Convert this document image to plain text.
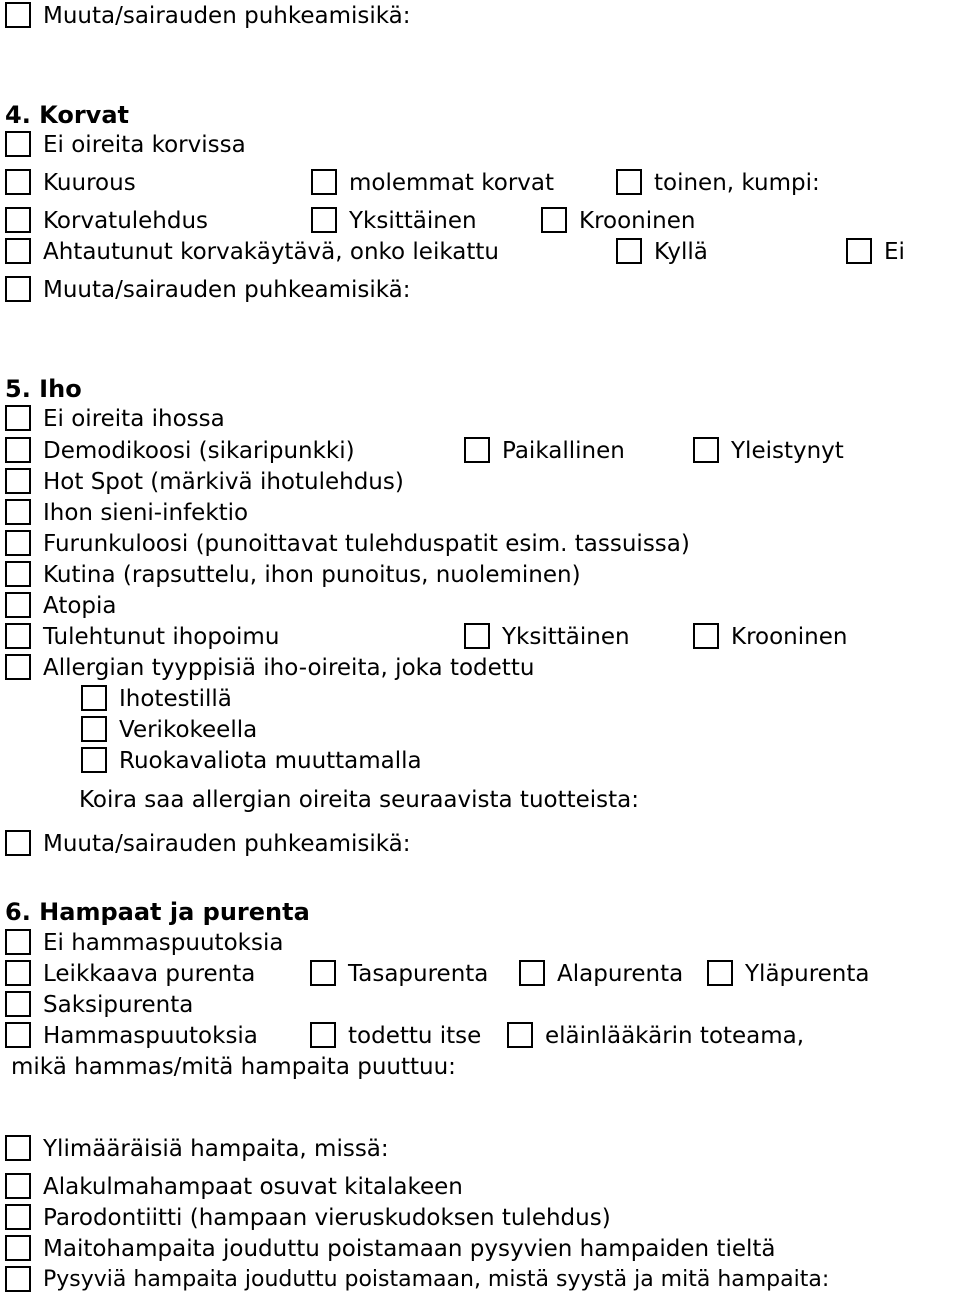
Muuta/sairauden puhkeamisikä:
4. Korvat
Ei oireita korvissa
Kuurous	molemmat korvat	toinen, kumpi:
Korvatulehdus	Yksittäinen	Krooninen
Ahtautunut korvakäytävä, onko leikattu	Kyllä	Ei
Muuta/sairauden puhkeamisikä:
5. Iho
Ei oireita ihossa
Demodikoosi (sikaripunkki)	Paikallinen	Yleistynyt
Hot Spot (märkivä ihotulehdus)
Ihon sieni-infektio
Furunkuloosi (punoittavat tulehduspatit esim. tassuissa)
Kutina (rapsuttelu, ihon punoitus, nuoleminen)
Atopia
Tulehtunut ihopoimu	Yksittäinen	Krooninen
Allergian tyyppisiä iho-oireita, joka todettu
Ihotestillä
Verikokeella
Ruokavaliota muuttamalla
Koira saa allergian oireita seuraavista tuotteista:
Muuta/sairauden puhkeamisikä:
6. Hampaat ja purenta
Ei hammaspuutoksia
Leikkaava purenta	Tasapurenta	Alapurenta	Yläpurenta
Saksipurenta
Hammaspuutoksia	todettu itse	eläinlääkärin toteama,
mikä hammas/mitä hampaita puuttuu:
Ylimääräisiä hampaita, missä:
Alakulmahampaat osuvat kitalakeen
Parodontiitti (hampaan vieruskudoksen tulehdus)
Maitohampaita jouduttu poistamaan pysyvien hampaiden tieltä
Pysyviä hampaita jouduttu poistamaan, mistä syystä ja mitä hampaita:
